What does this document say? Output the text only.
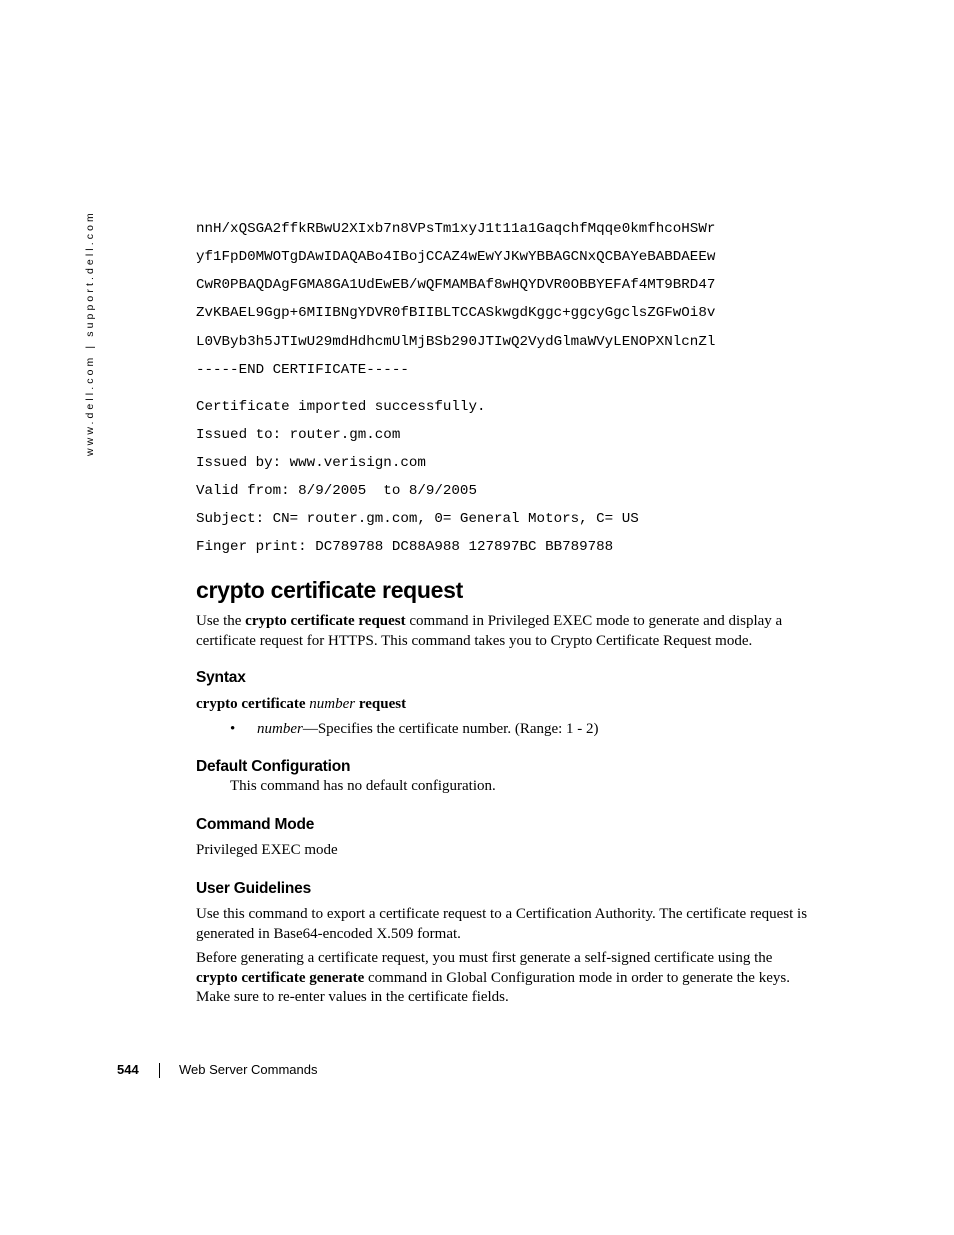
www.dell.com | support.dell.com	nnH/xQSGA2ffkRBwU2XIxb7n8VPsTm1xyJ1t11a1GaqchfMqqe0kmfhcoHSWr
yf1FpD0MWOTgDAwIDAQABo4IBojCCAZ4wEwYJKwYBBAGCNxQCBAYeBABDAEEw
CwR0PBAQDAgFGMA8GA1UdEwEB/wQFMAMBAf8wHQYDVR0OBBYEFAf4MT9BRD47
ZvKBAEL9Ggp+6MIIBNgYDVR0fBIIBLTCCASkwgdKggc+ggcyGgclsZGFwOi8v
L0VByb3h5JTIwU29mdHdhcmUlMjBSb290JTIwQ2VydGlmaWVyLENOPXNlcnZl
-----END CERTIFICATE-----
Certificate imported successfully.
Issued to: router.gm.com
Issued by: www.verisign.com
Valid from: 8/9/2005  to 8/9/2005
Subject: CN= router.gm.com, 0= General Motors, C= US
Finger print: DC789788 DC88A988 127897BC BB789788
crypto certificate request

Use the crypto certificate request command in Privileged EXEC mode to generate and display a certificate request for HTTPS. This command takes you to Crypto Certificate Request mode.

Syntax

crypto certificate number request

• number—Specifies the certificate number. (Range: 1 - 2)

Default Configuration

This command has no default configuration.

Command Mode

Privileged EXEC mode

User Guidelines

Use this command to export a certificate request to a Certification Authority. The certificate request is generated in Base64-encoded X.509 format.

Before generating a certificate request, you must first generate a self-signed certificate using the crypto certificate generate command in Global Configuration mode in order to generate the keys. Make sure to re-enter values in the certificate fields.

544	Web Server Commands
